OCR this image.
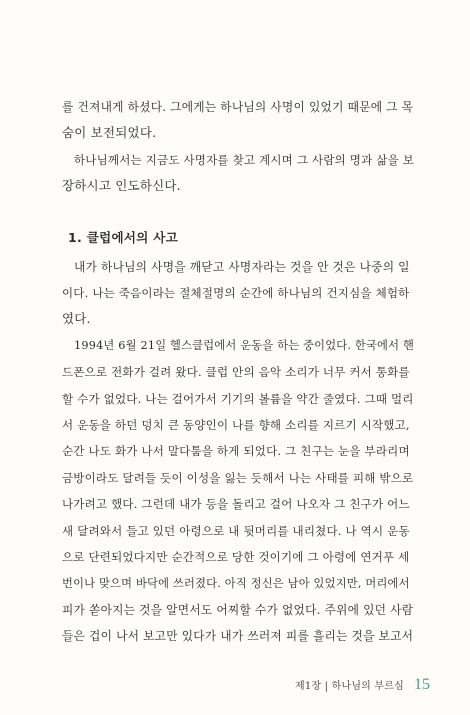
를 건져내게 하셨다. 그에게는 하나님의 사명이 있었기 때문에 그 목

숨이 보전되었다.

하나님께서는 지금도 사명자를 찾고 계시며 그 사람의 명과 삶을 보

장하시고 인도하신다.

1. 클럽에서의 사고

내가 하나님의 사명을 깨닫고 사명자라는 것을 안 것은 나중의 일

이다. 나는 죽음이라는 절체절명의 순간에 하나님의 건지심을 체험하

였다.

1994년 6월 21일 헬스클럽에서 운동을 하는 중이었다. 한국에서 핸

드폰으로 전화가 걸려 왔다. 클럽 안의 음악 소리가 너무 커서 통화를

할 수가 없었다. 나는 걸어가서 기기의 볼륨을 약간 줄였다. 그때 멀리

서 운동을 하던 덩치 큰 동양인이 나를 향해 소리를 지르기 시작했고,

순간 나도 화가 나서 말다툼을 하게 되었다. 그 친구는 눈을 부라리며

금방이라도 달려들 듯이 이성을 잃는 듯해서 나는 사태를 피해 밖으로

나가려고 했다. 그런데 내가 등을 돌리고 걸어 나오자 그 친구가 어느

새 달려와서 들고 있던 아령으로 내 뒷머리를 내리쳤다. 나 역시 운동

으로 단련되었다지만 순간적으로 당한 것이기에 그 아령에 연거푸 세

번이나 맞으며 바닥에 쓰러졌다. 아직 정신은 남아 있었지만, 머리에서

피가 쏟아지는 것을 알면서도 어찌할 수가 없었다. 주위에 있던 사람

들은 겁이 나서 보고만 있다가 내가 쓰러져 피를 흘리는 것을 보고서

제1장 | 하나님의 부르심 15
